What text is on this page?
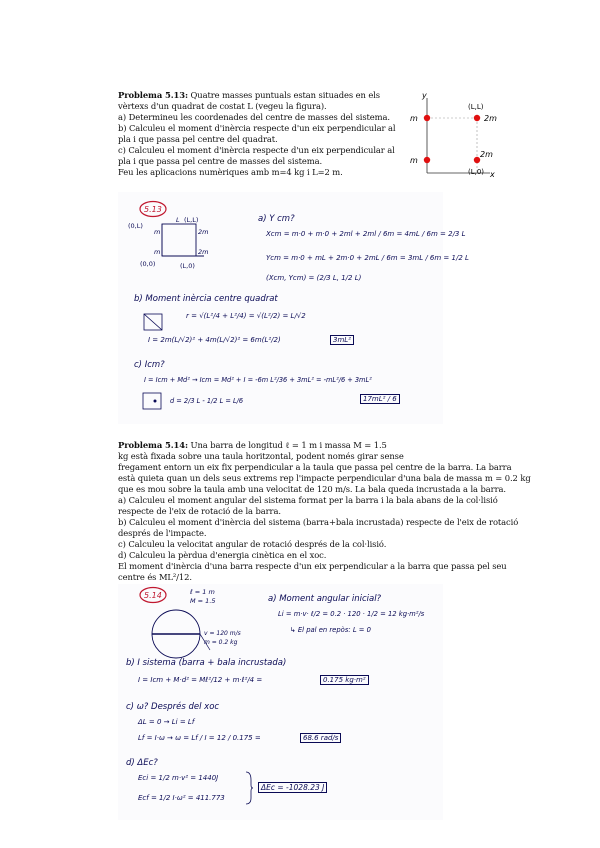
Problema 5.13: Quatre masses puntuals estan situades en els
vèrtexs d'un quadrat de costat L (vegeu la figura).
a) Determineu les coordenades del centre de masses del sistema.
b) Calculeu el moment d'inèrcia respecte d'un eix perpendicular al
pla i que passa pel centre del quadrat.
c) Calculeu el moment d'inèrcia respecte d'un eix perpendicular al
pla i que passa pel centre de masses del sistema.
Feu les aplicacions numèriques amb m=4 kg i L=2 m.
y
x
(L,L)
(L,0)
m	2m
m
2m
5.13
(0,L)
(L,L)
(0,0)	(L,0)
2m
2m
m
m
L	a) Y cm?
Xcm = m·0 + m·0 + 2ml + 2ml / 6m = 4mL / 6m = 2/3 L
Ycm = m·0 + mL + 2m·0 + 2mL / 6m = 3mL / 6m = 1/2 L
(Xcm, Ycm) = (2/3 L, 1/2 L)
b) Moment inèrcia centre quadrat
r = √(L²/4 + L²/4) = √(L²/2) = L/√2
I = 2m(L/√2)² + 4m(L/√2)² = 6m(L²/2)	3mL²
c) Icm?
I = Icm + Md² → Icm = Md² + I = -6m L²/36 + 3mL² = -mL²/6 + 3mL²
d = 2/3 L - 1/2 L = L/6	17mL² / 6
Problema 5.14: Una barra de longitud ℓ = 1 m i massa M = 1.5
kg està fixada sobre una taula horitzontal, podent només girar sense
fregament entorn un eix fix perpendicular a la taula que passa pel centre de la barra. La barra
està quieta quan un dels seus extrems rep l'impacte perpendicular d'una bala de massa m = 0.2 kg
que es mou sobre la taula amb una velocitat de 120 m/s. La bala queda incrustada a la barra.
a) Calculeu el moment angular del sistema format per la barra i la bala abans de la col·lisió
respecte de l'eix de rotació de la barra.
b) Calculeu el moment d'inèrcia del sistema (barra+bala incrustada) respecte de l'eix de rotació
després de l'impacte.
c) Calculeu la velocitat angular de rotació després de la col·lisió.
d) Calculeu la pèrdua d'energia cinètica en el xoc.
El moment d'inèrcia d'una barra respecte d'un eix perpendicular a la barra que passa pel seu
centre és ML²/12.
5.14	ℓ = 1 m
M = 1.5
v = 120 m/s
m = 0.2 kg
a) Moment angular inicial?
Li = m·v· ℓ/2 = 0.2 · 120 · 1/2 = 12 kg·m²/s
↳ El pal en repòs: L = 0
b) I sistema (barra + bala incrustada)
I = Icm + M·d² = Mℓ²/12 + m·ℓ²/4 =	0.175 kg·m²
c) ω? Després del xoc
ΔL = 0 → Li = Lf
Lf = I·ω → ω = Lf / I = 12 / 0.175 =	68.6 rad/s
d) ΔEc?
Eci = 1/2 m·v² = 1440J
Ecf = 1/2 I·ω² = 411.773
ΔEc = -1028.23 J
